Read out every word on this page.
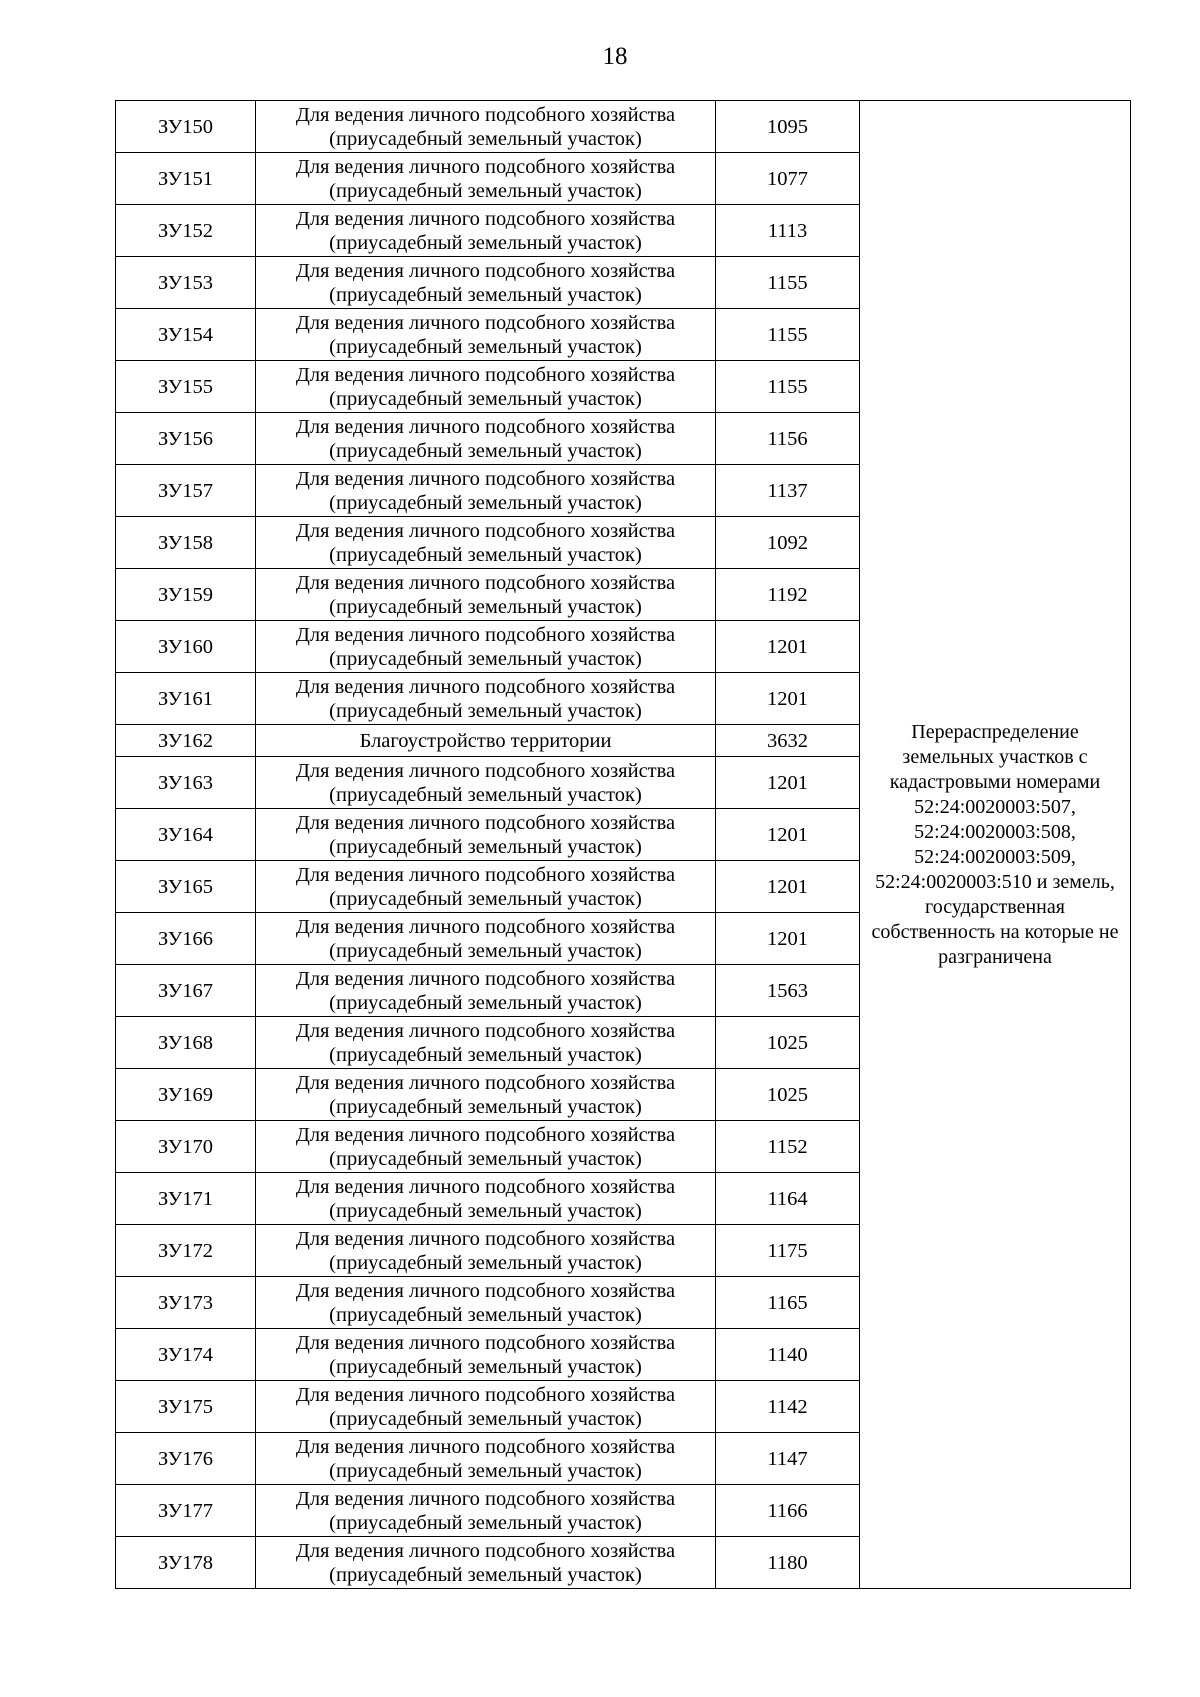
18
ЗУ150	Для ведения личного подсобного хозяйства (приусадебный земельный участок)	1095	Перераспределение земельных участков с кадастровыми номерами 52:24:0020003:507, 52:24:0020003:508, 52:24:0020003:509, 52:24:0020003:510 и земель, государственная собственность на которые не разграничена
ЗУ151	Для ведения личного подсобного хозяйства (приусадебный земельный участок)	1077	
ЗУ152	Для ведения личного подсобного хозяйства (приусадебный земельный участок)	1113	
ЗУ153	Для ведения личного подсобного хозяйства (приусадебный земельный участок)	1155	
ЗУ154	Для ведения личного подсобного хозяйства (приусадебный земельный участок)	1155	
ЗУ155	Для ведения личного подсобного хозяйства (приусадебный земельный участок)	1155	
ЗУ156	Для ведения личного подсобного хозяйства (приусадебный земельный участок)	1156	
ЗУ157	Для ведения личного подсобного хозяйства (приусадебный земельный участок)	1137	
ЗУ158	Для ведения личного подсобного хозяйства (приусадебный земельный участок)	1092	
ЗУ159	Для ведения личного подсобного хозяйства (приусадебный земельный участок)	1192	
ЗУ160	Для ведения личного подсобного хозяйства (приусадебный земельный участок)	1201	
ЗУ161	Для ведения личного подсобного хозяйства (приусадебный земельный участок)	1201	
ЗУ162	Благоустройство территории	3632	
ЗУ163	Для ведения личного подсобного хозяйства (приусадебный земельный участок)	1201	
ЗУ164	Для ведения личного подсобного хозяйства (приусадебный земельный участок)	1201	
ЗУ165	Для ведения личного подсобного хозяйства (приусадебный земельный участок)	1201	
ЗУ166	Для ведения личного подсобного хозяйства (приусадебный земельный участок)	1201	
ЗУ167	Для ведения личного подсобного хозяйства (приусадебный земельный участок)	1563	
ЗУ168	Для ведения личного подсобного хозяйства (приусадебный земельный участок)	1025	
ЗУ169	Для ведения личного подсобного хозяйства (приусадебный земельный участок)	1025	
ЗУ170	Для ведения личного подсобного хозяйства (приусадебный земельный участок)	1152	
ЗУ171	Для ведения личного подсобного хозяйства (приусадебный земельный участок)	1164	
ЗУ172	Для ведения личного подсобного хозяйства (приусадебный земельный участок)	1175	
ЗУ173	Для ведения личного подсобного хозяйства (приусадебный земельный участок)	1165	
ЗУ174	Для ведения личного подсобного хозяйства (приусадебный земельный участок)	1140	
ЗУ175	Для ведения личного подсобного хозяйства (приусадебный земельный участок)	1142	
ЗУ176	Для ведения личного подсобного хозяйства (приусадебный земельный участок)	1147	
ЗУ177	Для ведения личного подсобного хозяйства (приусадебный земельный участок)	1166	
ЗУ178	Для ведения личного подсобного хозяйства (приусадебный земельный участок)	1180	
